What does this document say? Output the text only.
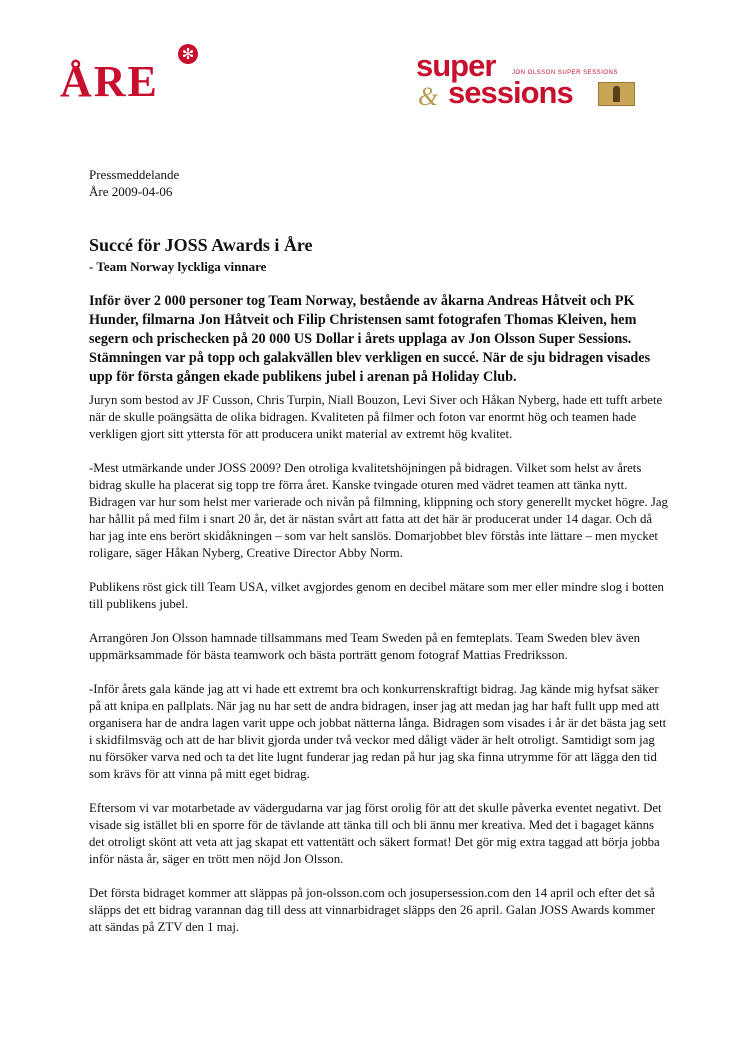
ÅRE
✻	super	JON OLSSON SUPER SESSIONS
& sessions
Pressmeddelande
Åre 2009-04-06
Succé för JOSS Awards i Åre
- Team Norway lyckliga vinnare
Inför över 2 000 personer tog Team Norway, bestående av åkarna Andreas Håtveit och PK Hunder, filmarna Jon Håtveit och Filip Christensen samt fotografen Thomas Kleiven, hem segern och prischecken på 20 000 US Dollar i årets upplaga av Jon Olsson Super Sessions. Stämningen var på topp och galakvällen blev verkligen en succé. När de sju bidragen visades upp för första gången ekade publikens jubel i arenan på Holiday Club.

Juryn som bestod av JF Cusson, Chris Turpin, Niall Bouzon, Levi Siver och Håkan Nyberg, hade ett tufft arbete när de skulle poängsätta de olika bidragen. Kvaliteten på filmer och foton var enormt hög och teamen hade verkligen gjort sitt yttersta för att producera unikt material av extremt hög kvalitet.

-Mest utmärkande under JOSS 2009? Den otroliga kvalitetshöjningen på bidragen. Vilket som helst av årets bidrag skulle ha placerat sig topp tre förra året. Kanske tvingade oturen med vädret teamen att tänka nytt. Bidragen var hur som helst mer varierade och nivån på filmning, klippning och story generellt mycket högre. Jag har hållit på med film i snart 20 år, det är nästan svårt att fatta att det här är producerat under 14 dagar. Och då har jag inte ens berört skidåkningen – som var helt sanslös. Domarjobbet blev förstås inte lättare – men mycket roligare, säger Håkan Nyberg, Creative Director Abby Norm.

Publikens röst gick till Team USA, vilket avgjordes genom en decibel mätare som mer eller mindre slog i botten till publikens jubel.

Arrangören Jon Olsson hamnade tillsammans med Team Sweden på en femteplats. Team Sweden blev även uppmärksammade för bästa teamwork och bästa porträtt genom fotograf Mattias Fredriksson.

-Inför årets gala kände jag att vi hade ett extremt bra och konkurrenskraftigt bidrag. Jag kände mig hyfsat säker på att knipa en pallplats. När jag nu har sett de andra bidragen, inser jag att medan jag har haft fullt upp med att organisera har de andra lagen varit uppe och jobbat nätterna långa. Bidragen som visades i år är det bästa jag sett i skidfilmsväg och att de har blivit gjorda under två veckor med dåligt väder är helt otroligt. Samtidigt som jag nu försöker varva ned och ta det lite lugnt funderar jag redan på hur jag ska finna utrymme för att lägga den tid som krävs för att vinna på mitt eget bidrag.

Eftersom vi var motarbetade av vädergudarna var jag först orolig för att det skulle påverka eventet negativt. Det visade sig istället bli en sporre för de tävlande att tänka till och bli ännu mer kreativa. Med det i bagaget känns det otroligt skönt att veta att jag skapat ett vattentätt och säkert format! Det gör mig extra taggad att börja jobba inför nästa år, säger en trött men nöjd Jon Olsson.

Det första bidraget kommer att släppas på jon-olsson.com och josupersession.com den 14 april och efter det så släpps det ett bidrag varannan dag till dess att vinnarbidraget släpps den 26 april. Galan JOSS Awards kommer att sändas på ZTV den 1 maj.
